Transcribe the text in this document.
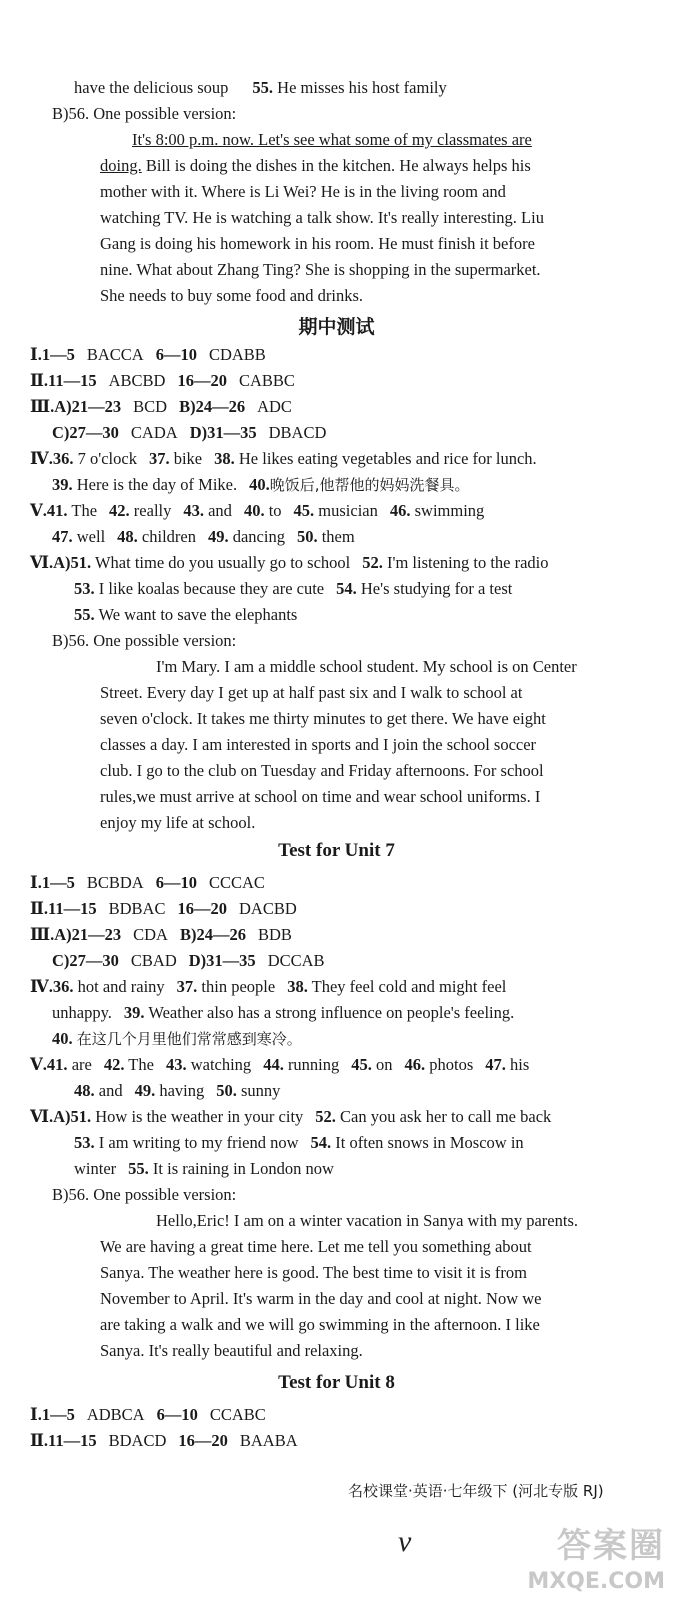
have the delicious soup 55. He misses his host family
B)56. One possible version:
It's 8:00 p.m. now. Let's see what some of my classmates are
doing. Bill is doing the dishes in the kitchen. He always helps his
mother with it. Where is Li Wei? He is in the living room and
watching TV. He is watching a talk show. It's really interesting. Liu
Gang is doing his homework in his room. He must finish it before
nine. What about Zhang Ting? She is shopping in the supermarket.
She needs to buy some food and drinks.
期中测试
Ⅰ.1—5 BACCA 6—10 CDABB
Ⅱ.11—15 ABCBD 16—20 CABBC
Ⅲ.A)21—23 BCD B)24—26 ADC
C)27—30 CADA D)31—35 DBACD
Ⅳ.36. 7 o'clock 37. bike 38. He likes eating vegetables and rice for lunch.
39. Here is the day of Mike. 40.晚饭后,他帮他的妈妈洗餐具。
Ⅴ.41. The 42. really 43. and 40. to 45. musician 46. swimming
47. well 48. children 49. dancing 50. them
Ⅵ.A)51. What time do you usually go to school 52. I'm listening to the radio
53. I like koalas because they are cute 54. He's studying for a test
55. We want to save the elephants
B)56. One possible version:
I'm Mary. I am a middle school student. My school is on Center
Street. Every day I get up at half past six and I walk to school at
seven o'clock. It takes me thirty minutes to get there. We have eight
classes a day. I am interested in sports and I join the school soccer
club. I go to the club on Tuesday and Friday afternoons. For school
rules,we must arrive at school on time and wear school uniforms. I
enjoy my life at school.
Test for Unit 7
Ⅰ.1—5 BCBDA 6—10 CCCAC
Ⅱ.11—15 BDBAC 16—20 DACBD
Ⅲ.A)21—23 CDA B)24—26 BDB
C)27—30 CBAD D)31—35 DCCAB
Ⅳ.36. hot and rainy 37. thin people 38. They feel cold and might feel
unhappy. 39. Weather also has a strong influence on people's feeling.
40. 在这几个月里他们常常感到寒冷。
Ⅴ.41. are 42. The 43. watching 44. running 45. on 46. photos 47. his
48. and 49. having 50. sunny
Ⅵ.A)51. How is the weather in your city 52. Can you ask her to call me back
53. I am writing to my friend now 54. It often snows in Moscow in
winter 55. It is raining in London now
B)56. One possible version:
Hello,Eric! I am on a winter vacation in Sanya with my parents.
We are having a great time here. Let me tell you something about
Sanya. The weather here is good. The best time to visit it is from
November to April. It's warm in the day and cool at night. Now we
are taking a walk and we will go swimming in the afternoon. I like
Sanya. It's really beautiful and relaxing.
Test for Unit 8
Ⅰ.1—5 ADBCA 6—10 CCABC
Ⅱ.11—15 BDACD 16—20 BAABA
名校课堂·英语·七年级下 (河北专版 RJ)
v	答案圈
MXQE.COM
